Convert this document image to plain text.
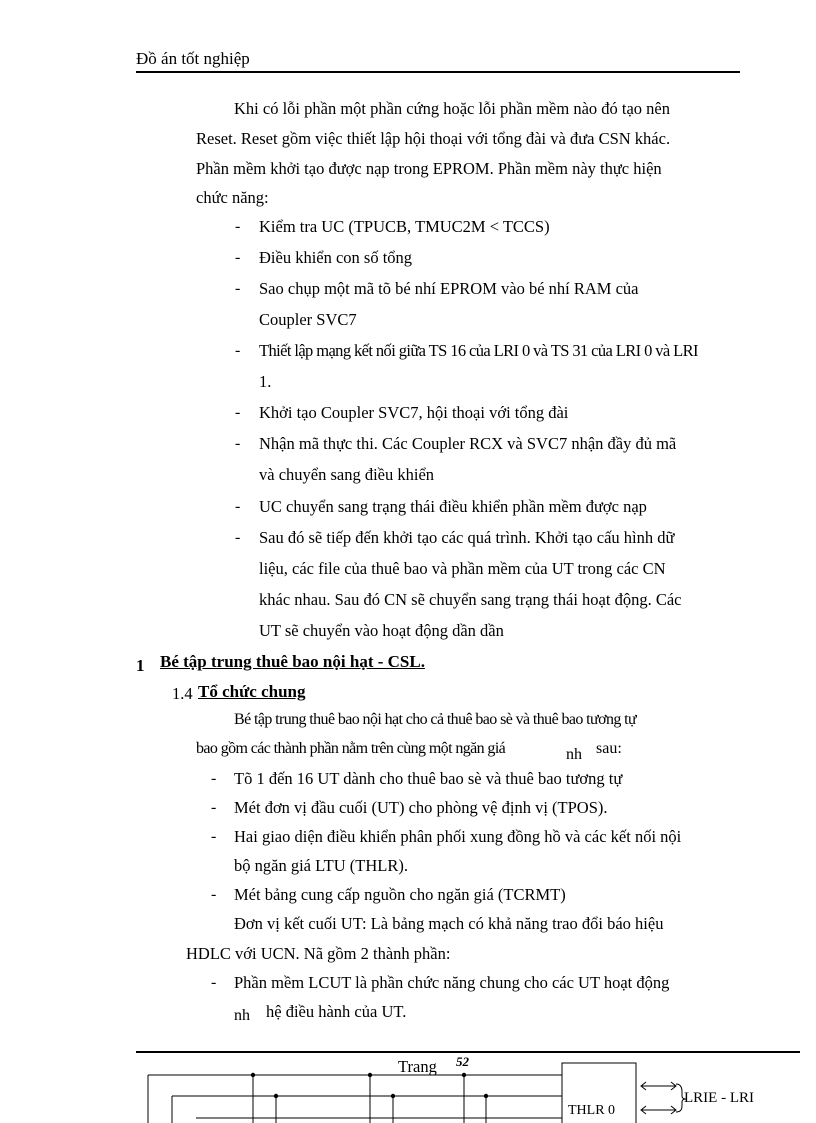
Đồ án tốt nghiệp
Khi có lỗi phần một phần cứng hoặc lỗi phần mềm nào đó tạo nên
Reset. Reset gồm việc thiết lập hội thoại với tổng đài và đưa CSN khác.
Phần mềm khởi tạo được nạp trong EPROM. Phần mềm này thực hiện
chức năng:
- Kiểm tra UC (TPUCB, TMUC2M < TCCS)
- Điều khiển con số tổng
- Sao chụp một mã tõ bé nhí EPROM vào bé nhí RAM của
Coupler SVC7
- Thiết lập mạng kết nối giữa TS 16 của LRI 0 và TS 31 của LRI 0 và LRI
1.
- Khởi tạo Coupler SVC7, hội thoại với tổng đài
- Nhận mã thực thi. Các Coupler RCX và SVC7 nhận đầy đủ mã
và chuyển sang điều khiển
- UC chuyển sang trạng thái điều khiển phần mềm được nạp
- Sau đó sẽ tiếp đến khởi tạo các quá trình. Khởi tạo cấu hình dữ
liệu, các file của thuê bao và phần mềm của UT trong các CN
khác nhau. Sau đó CN sẽ chuyển sang trạng thái hoạt động. Các
UT sẽ chuyển vào hoạt động dần dần
1 Bé tập trung thuê bao nội hạt - CSL.
1.4 Tổ chức chung
Bé tập trung thuê bao nội hạt cho cả thuê bao sè và thuê bao tương tự
bao gồm các thành phần nằm trên cùng một ngăn giá	nh sau:
- Tõ 1 đến 16 UT dành cho thuê bao sè và thuê bao tương tự
- Mét đơn vị đầu cuối (UT) cho phòng vệ định vị (TPOS).
- Hai giao diện điều khiển phân phối xung đồng hồ và các kết nối nội
bộ ngăn giá LTU (THLR).
- Mét bảng cung cấp nguồn cho ngăn giá (TCRMT)
Đơn vị kết cuối UT: Là bảng mạch có khả năng trao đổi báo hiệu
HDLC với UCN. Nã gồm 2 thành phần:
- Phần mềm LCUT là phần chức năng chung cho các UT hoạt động
nh hệ điều hành của UT.
Trang 52
THLR 0
LRIE - LRI
